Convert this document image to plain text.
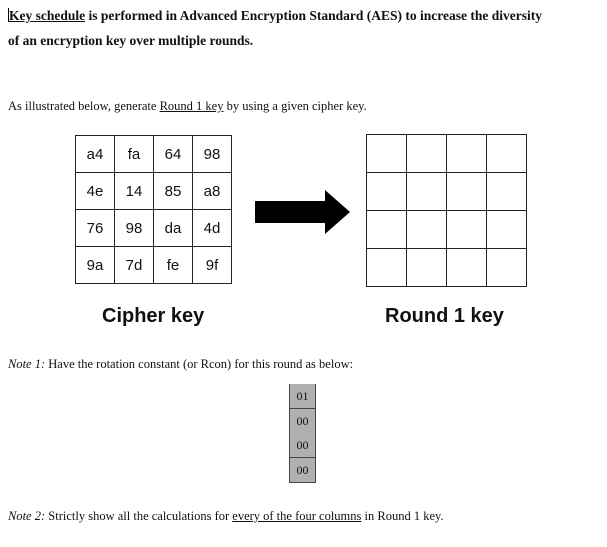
Key schedule is performed in Advanced Encryption Standard (AES) to increase the diversity
of an encryption key over multiple rounds.
As illustrated below, generate Round 1 key by using a given cipher key.
a4	fa	64	98
4e	14	85	a8
76	98	da	4d
9a	7d	fe	9f

Cipher key	Round 1 key
Note 1: Have the rotation constant (or Rcon) for this round as below:
01
00
00
00
Note 2: Strictly show all the calculations for every of the four columns in Round 1 key.
